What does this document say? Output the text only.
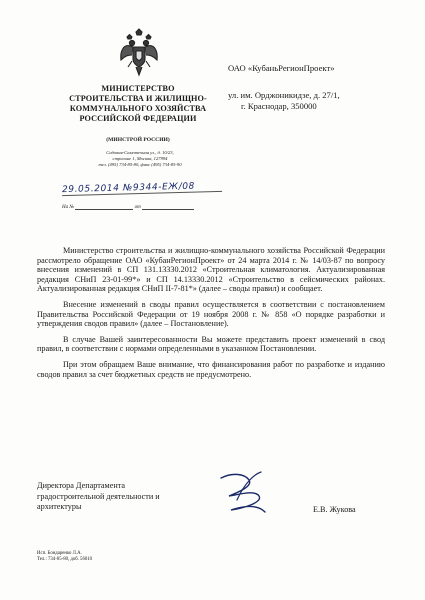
МИНИСТЕРСТВО
СТРОИТЕЛЬСТВА И ЖИЛИЩНО-
КОММУНАЛЬНОГО ХОЗЯЙСТВА
РОССИЙСКОЙ ФЕДЕРАЦИИ
(МИНСТРОЙ РОССИИ)
Садовая-Самотечная ул., д. 10/23,
строение 1, Москва, 127994
тел. (495) 734-85-80, факс (495) 734-85-90
29.05.2014 №9344-ЕЖ/08
На №	от
ОАО «КубаньРегионПроект»
ул. им. Орджоникидзе, д. 27/1,
г. Краснодар, 350000

Министерство строительства и жилищно-коммунального хозяйства Российской Федерации рассмотрело обращение ОАО «КубанРегионПроект» от 24 марта 2014 г. № 14/03-87 по вопросу внесения изменений в СП 131.13330.2012 «Строительная климатология. Актуализированная редакция СНиП 23-01-99*» и СП 14.13330.2012 «Строительство в сейсмических районах. Актуализированная редакция СНиП II-7-81*» (далее – своды правил) и сообщает.

Внесение изменений в своды правил осуществляется в соответствии с постановлением Правительства Российской Федерации от 19 ноября 2008 г. № 858 «О порядке разработки и утверждения сводов правил» (далее – Постановление).

В случае Вашей заинтересованности Вы можете представить проект изменений в свод правил, в соответствии с нормами определенными в указанном Постановлении.

При этом обращаем Ваше внимание, что финансирования работ по разработке и изданию сводов правил за счет бюджетных средств не предусмотрено.

Директора Департамента
градостроительной деятельности и
архитектуры	Е.В. Жукова
Исп. Бондаренко Л.А.
Тел.: 734-85-80, доб. 56010
